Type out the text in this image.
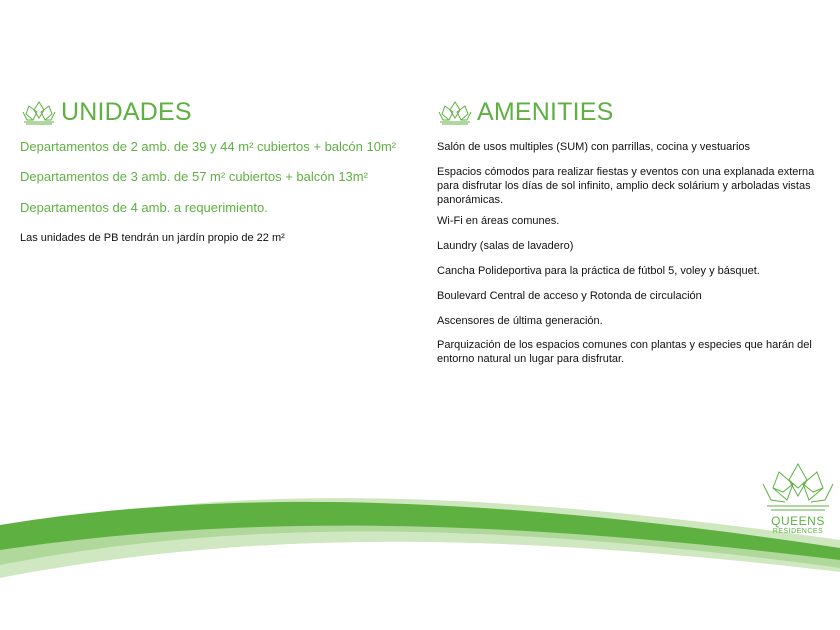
UNIDADES
Departamentos de 2 amb. de 39 y 44 m² cubiertos + balcón 10m²
Departamentos de 3 amb. de 57 m² cubiertos + balcón 13m²
Departamentos de 4 amb. a requerimiento.
Las unidades de PB tendrán un jardín propio de 22 m²
AMENITIES

Salón de usos multiples (SUM) con parrillas, cocina y vestuarios

Espacios cómodos para realizar fiestas y eventos con una explanada externa para disfrutar los días de sol infinito, amplio deck solárium y arboladas vistas panorámicas.

Wi-Fi en áreas comunes.

Laundry (salas de lavadero)

Cancha Polideportiva para la práctica de fútbol 5, voley y básquet.

Boulevard Central de acceso y Rotonda de circulación

Ascensores de última generación.

Parquización de los espacios comunes con plantas y especies que harán del entorno natural un lugar para disfrutar.

QUEENS
RESIDENCES
